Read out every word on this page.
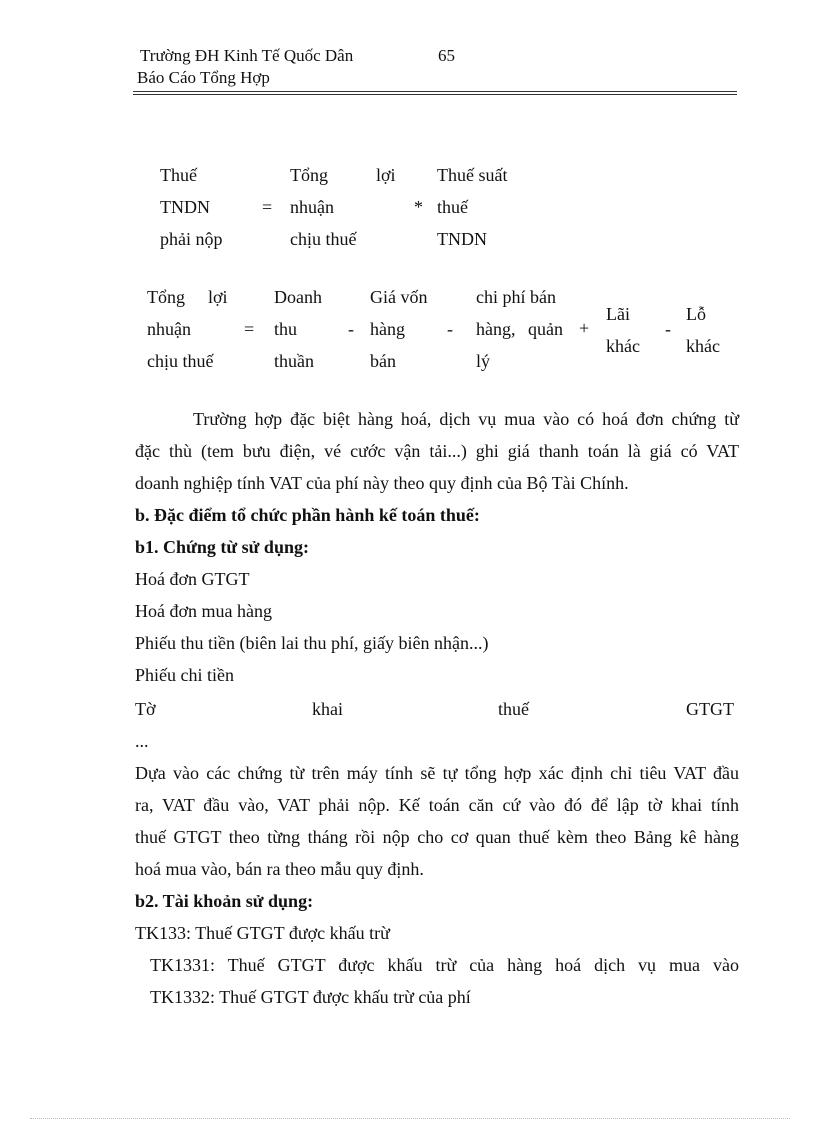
Trường ĐH Kinh Tế Quốc Dân	65
Báo Cáo Tổng Hợp
Thuế
TNDN
phải nộp
=
Tổng	lợi
nhuận
chịu thuế
*
Thuế suất
thuế
TNDN
Tổng lợi
nhuận
chịu thuế
=
Doanh
thu
thuần
-
Giá vốn
hàng
bán
-
chi phí bán
hàng, quản
lý
+
Lãi
khác
-
Lỗ
khác
Trường hợp đặc biệt hàng hoá, dịch vụ mua vào có hoá đơn chứng từ
đặc thù (tem bưu điện, vé cước vận tải...) ghi giá thanh toán là giá có VAT
doanh nghiệp tính VAT của phí này theo quy định của Bộ Tài Chính.
b. Đặc điểm tổ chức phần hành kế toán thuế:
b1. Chứng từ sử dụng:
Hoá đơn GTGT
Hoá đơn mua hàng
Phiếu thu tiền (biên lai thu phí, giấy biên nhận...)
Phiếu chi tiền
Tờ	khai	thuế	GTGT
...
Dựa vào các chứng từ trên máy tính sẽ tự tổng hợp xác định chỉ tiêu VAT đầu
ra, VAT đầu vào, VAT phải nộp. Kế toán căn cứ vào đó để lập tờ khai tính
thuế GTGT theo từng tháng rồi nộp cho cơ quan thuế kèm theo Bảng kê hàng
hoá mua vào, bán ra theo mẫu quy định.
b2. Tài khoản sử dụng:
TK133: Thuế GTGT được khấu trừ
TK1331: Thuế GTGT được khấu trừ của hàng hoá dịch vụ mua vào
TK1332: Thuế GTGT được khấu trừ của phí
